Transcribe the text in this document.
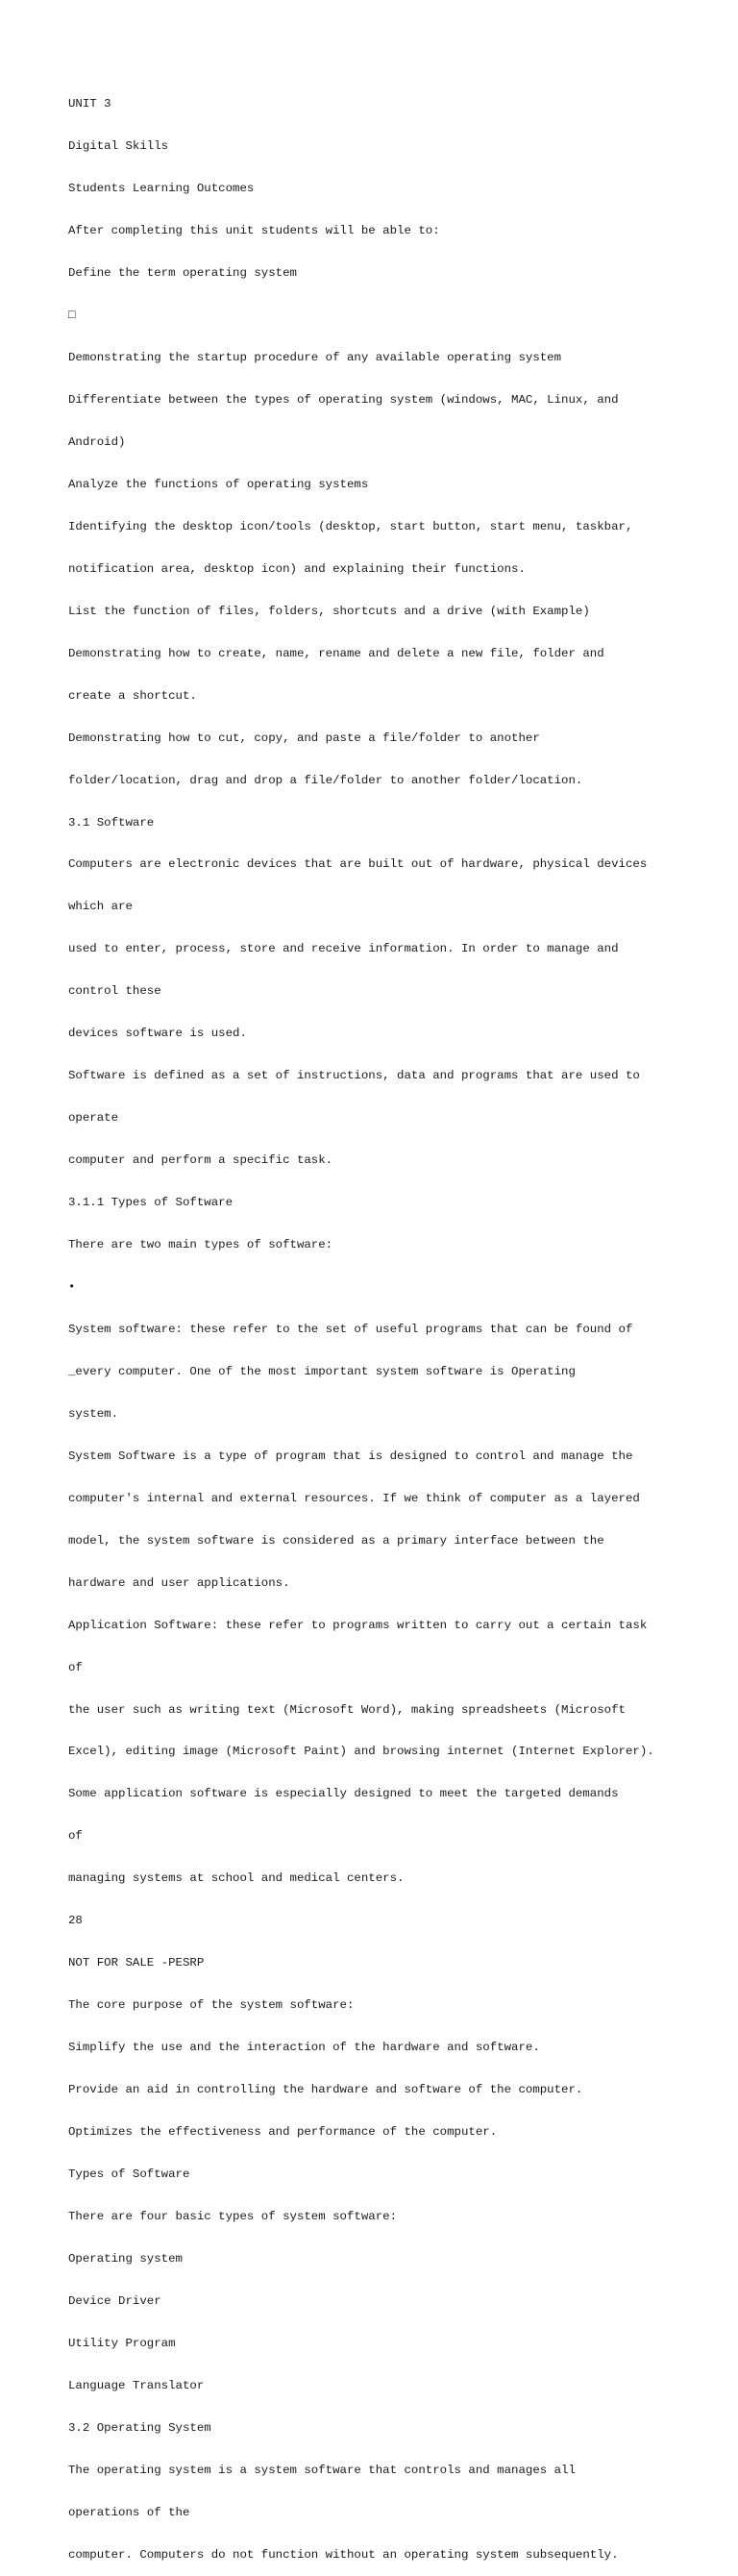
UNIT 3

Digital Skills

Students Learning Outcomes

After completing this unit students will be able to:

Define the term operating system

□

Demonstrating the startup procedure of any available operating system

Differentiate between the types of operating system (windows, MAC, Linux, and

Android)

Analyze the functions of operating systems

Identifying the desktop icon/tools (desktop, start button, start menu, taskbar,

notification area, desktop icon) and explaining their functions.

List the function of files, folders, shortcuts and a drive (with Example)

Demonstrating how to create, name, rename and delete a new file, folder and

create a shortcut.

Demonstrating how to cut, copy, and paste a file/folder to another

folder/location, drag and drop a file/folder to another folder/location.

3.1 Software

Computers are electronic devices that are built out of hardware, physical devices

which are

used to enter, process, store and receive information. In order to manage and

control these

devices software is used.

Software is defined as a set of instructions, data and programs that are used to

operate

computer and perform a specific task.

3.1.1 Types of Software

There are two main types of software:

•

System software: these refer to the set of useful programs that can be found of

_every computer. One of the most important system software is Operating

system.

System Software is a type of program that is designed to control and manage the

computer's internal and external resources. If we think of computer as a layered

model, the system software is considered as a primary interface between the

hardware and user applications.

Application Software: these refer to programs written to carry out a certain task

of

the user such as writing text (Microsoft Word), making spreadsheets (Microsoft

Excel), editing image (Microsoft Paint) and browsing internet (Internet Explorer).

Some application software is especially designed to meet the targeted demands

of

managing systems at school and medical centers.

28

NOT FOR SALE -PESRP

The core purpose of the system software:

Simplify the use and the interaction of the hardware and software.

Provide an aid in controlling the hardware and software of the computer.

Optimizes the effectiveness and performance of the computer.

Types of Software

There are four basic types of system software:

Operating system

Device Driver

Utility Program

Language Translator

3.2 Operating System

The operating system is a system software that controls and manages all

operations of the

computer. Computers do not function without an operating system subsequently.
